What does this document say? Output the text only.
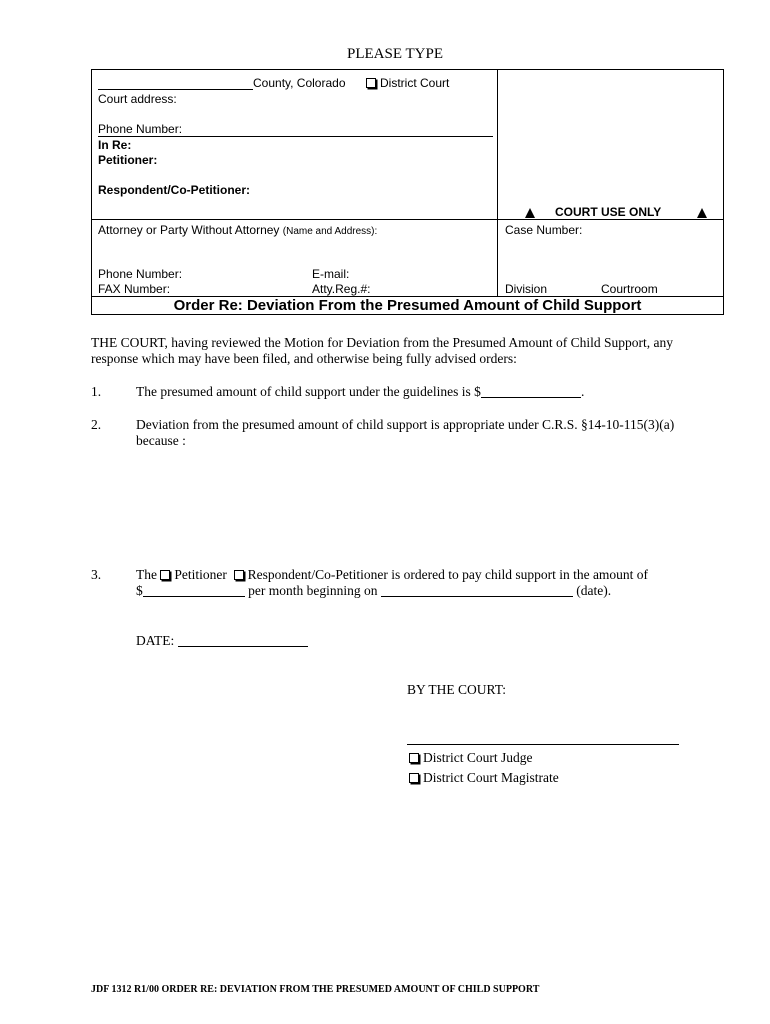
PLEASE TYPE
County, Colorado	District Court
Court address:
Phone Number:
In Re:
Petitioner:
Respondent/Co-Petitioner:
COURT USE ONLY
Attorney or Party Without Attorney (Name and Address):	Case Number:
Phone Number:	E-mail:
FAX Number:	Atty.Reg.#:	Division	Courtroom
Order Re: Deviation From the Presumed Amount of Child Support
THE COURT, having reviewed the Motion for Deviation from the Presumed Amount of Child Support, any
response which may have been filed, and otherwise being fully advised orders:
1.	The presumed amount of child support under the guidelines is $	.
2.	Deviation from the presumed amount of child support is appropriate under C.R.S. §14-10-115(3)(a)
because :
3.	The Petitioner Respondent/Co-Petitioner is ordered to pay child support in the amount of
$	per month beginning on	(date).
DATE:
BY THE COURT:
District Court Judge
District Court Magistrate
JDF 1312 R1/00 ORDER RE: DEVIATION FROM THE PRESUMED AMOUNT OF CHILD SUPPORT
